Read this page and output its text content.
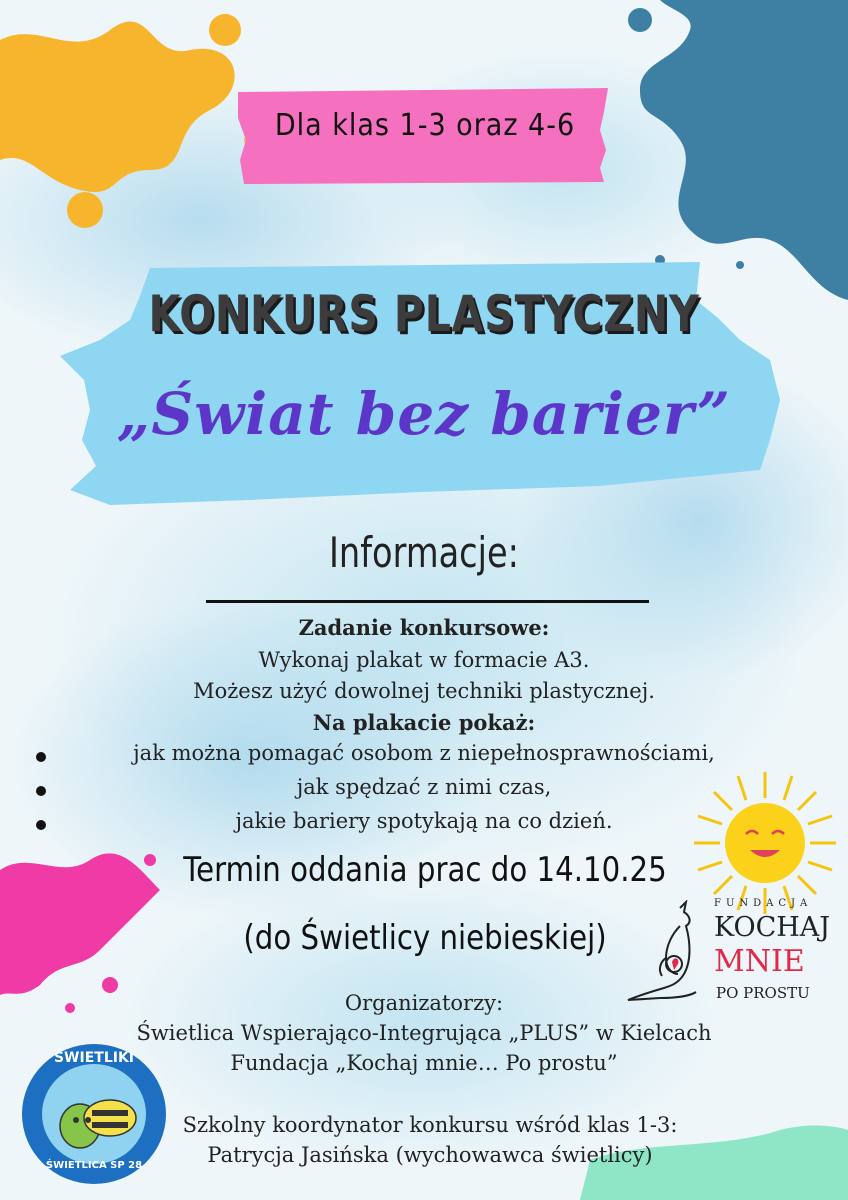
Dla klas 1-3 oraz 4-6
KONKURS PLASTYCZNY
„Świat bez barier”
Informacje:
Zadanie konkursowe:
Wykonaj plakat w formacie A3.
Możesz użyć dowolnej techniki plastycznej.
Na plakacie pokaż:
jak można pomagać osobom z niepełnosprawnościami,
jak spędzać z nimi czas,
jakie bariery spotykają na co dzień.
Termin oddania prac do 14.10.25
(do Świetlicy niebieskiej)
Organizatorzy:
Świetlica Wspierająco-Integrująca „PLUS” w Kielcach
Fundacja „Kochaj mnie… Po prostu”
Szkolny koordynator konkursu wśród klas 1-3:
Patrycja Jasińska (wychowawca świetlicy)
FUNDACJA
KOCHAJ
MNIE
PO PROSTU
ŚWIETLIKI
ŚWIETLICA SP 28
